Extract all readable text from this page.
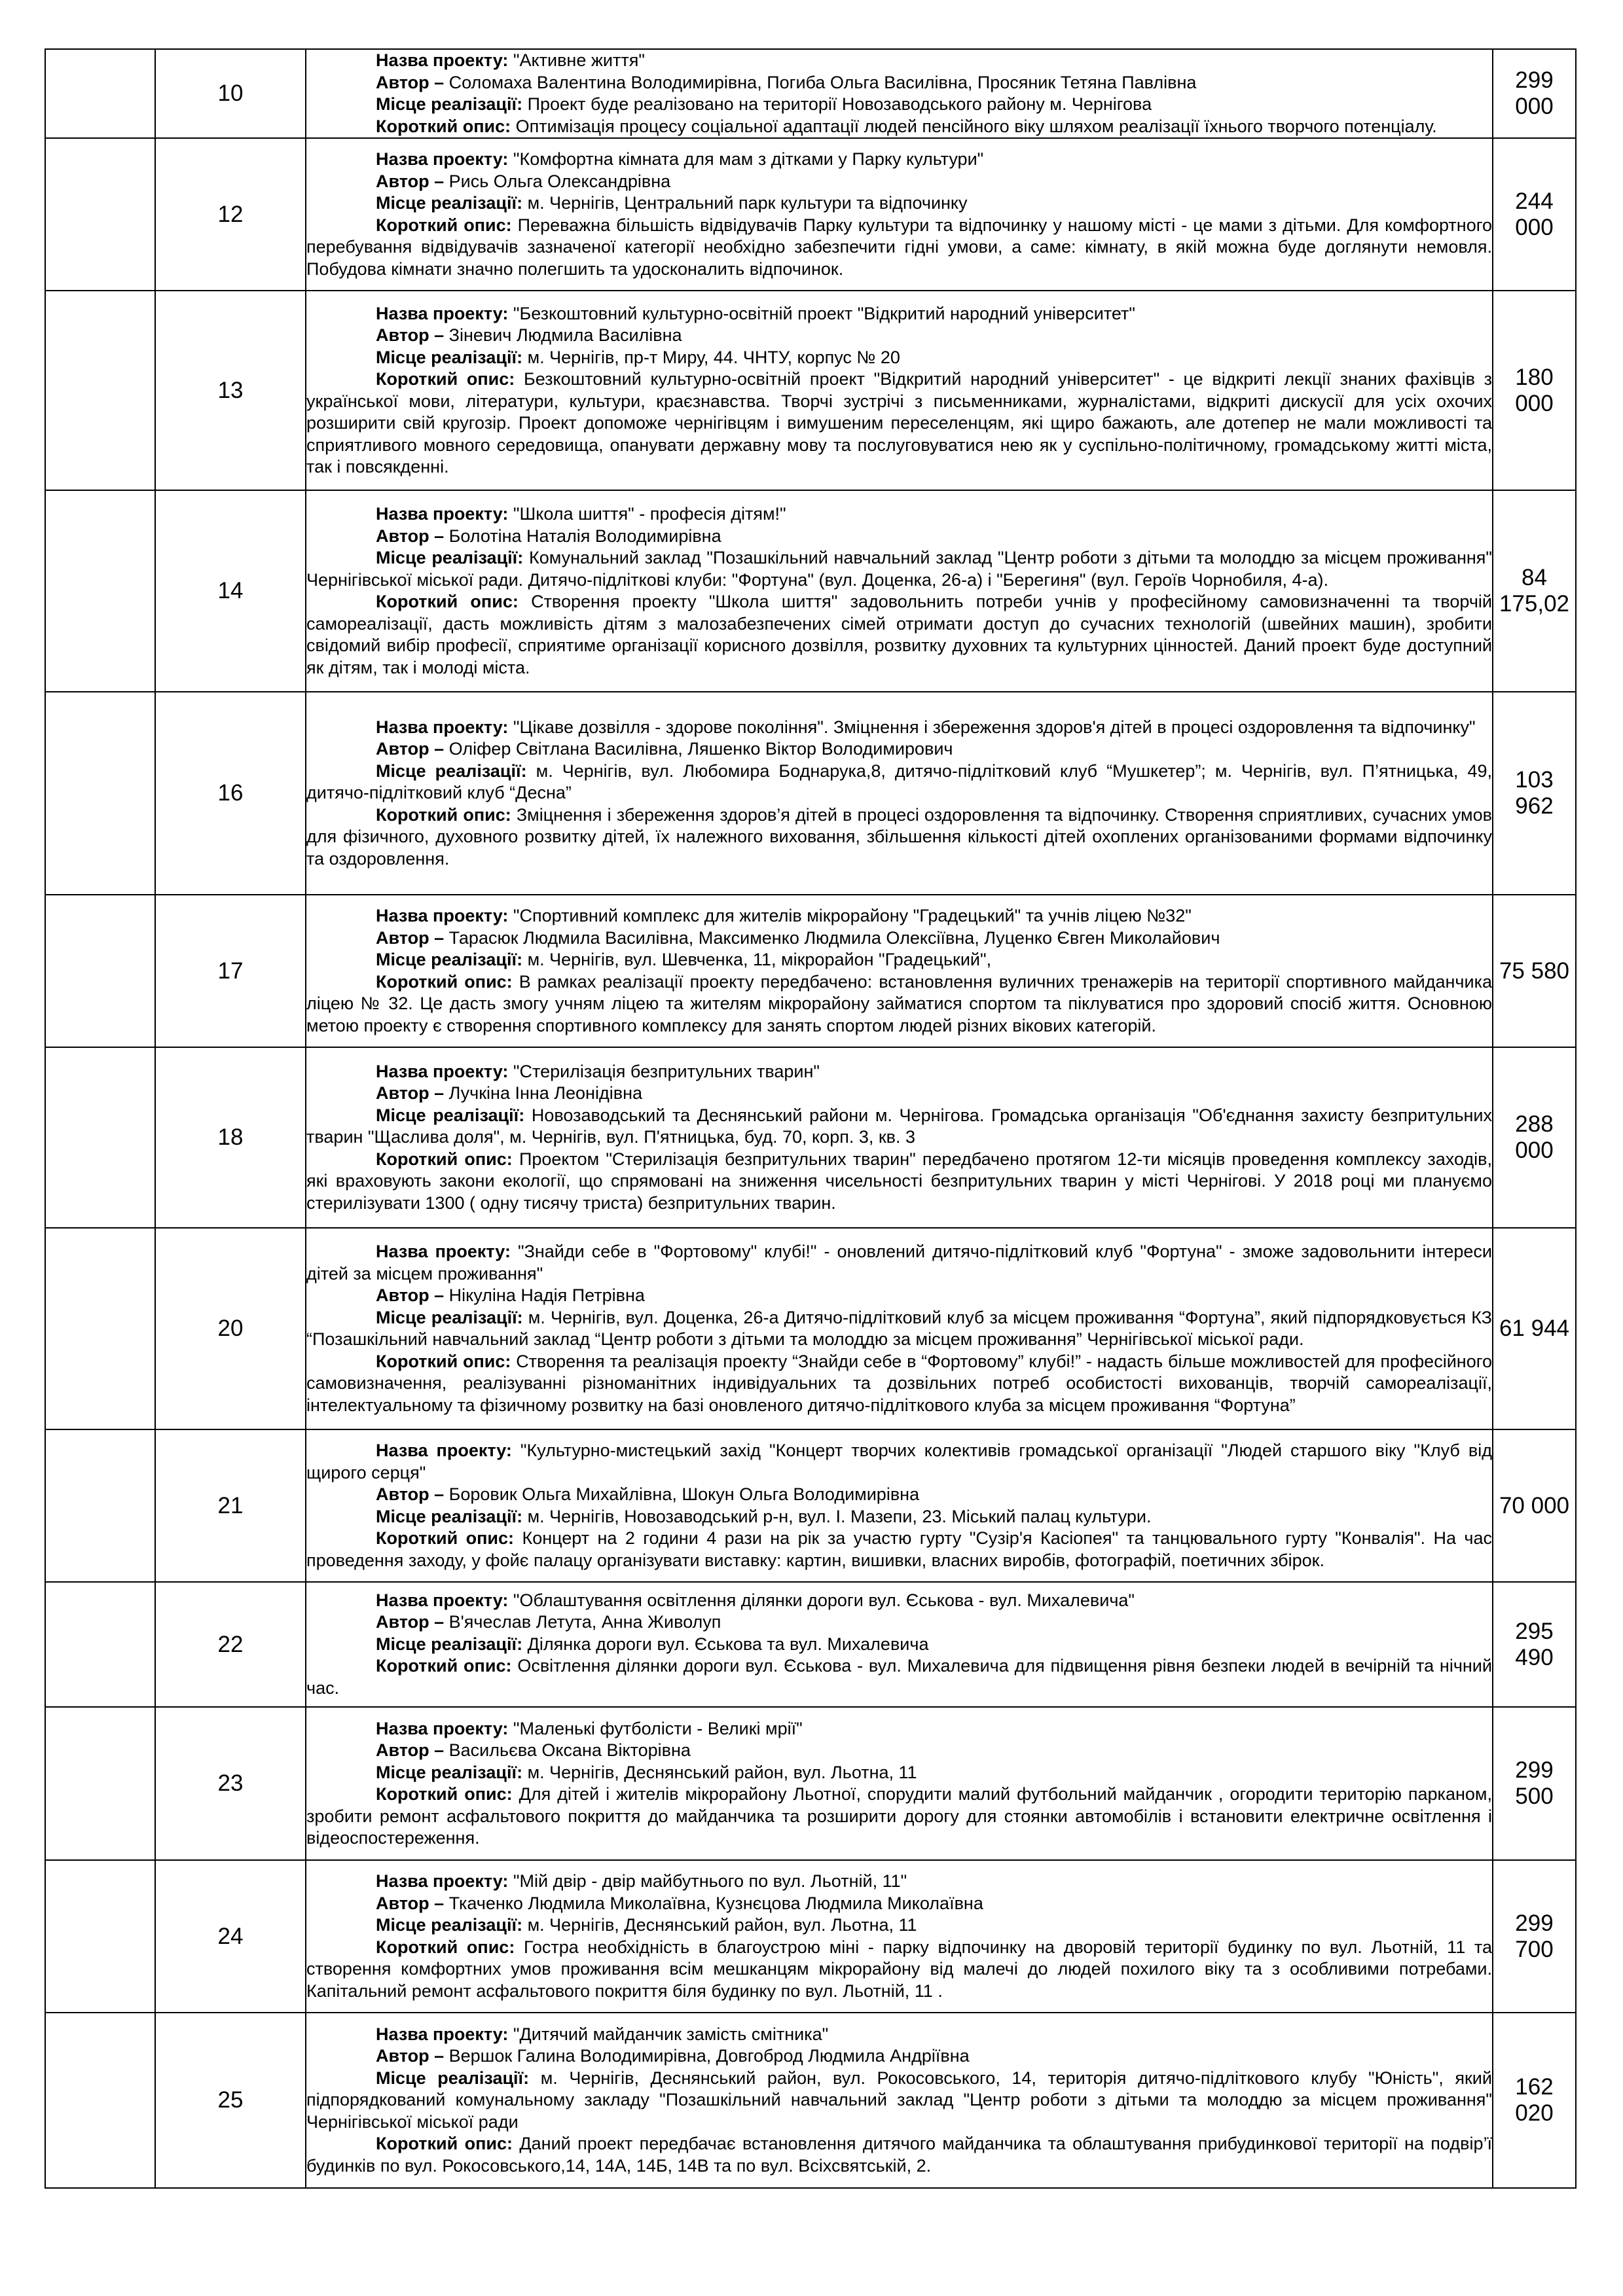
	10	Назва проекту: "Активне життя"
Автор – Соломаха Валентина Володимирівна, Погиба Ольга Василівна, Просяник Тетяна Павлівна
Місце реалізації: Проект буде реалізовано на території Новозаводського району м. Чернігова
Короткий опис: Оптимізація процесу соціальної адаптації людей пенсійного віку шляхом реалізації їхнього творчого потенціалу.	299 000
	12	Назва проекту: "Комфортна кімната для мам з дітками у Парку культури"
Автор – Рись Ольга Олександрівна
Місце реалізації: м. Чернігів, Центральний парк культури та відпочинку
Короткий опис: Переважна більшість відвідувачів Парку культури та відпочинку у нашому місті - це мами з дітьми. Для комфортного перебування відвідувачів зазначеної категорії необхідно забезпечити гідні умови, а саме: кімнату, в якій можна буде доглянути немовля. Побудова кімнати значно полегшить та удосконалить відпочинок.	244 000
	13	Назва проекту: "Безкоштовний культурно-освітній проект "Відкритий народний університет"
Автор – Зіневич Людмила Василівна
Місце реалізації: м. Чернігів, пр-т Миру, 44. ЧНТУ, корпус № 20
Короткий опис: Безкоштовний культурно-освітній проект "Відкритий народний університет" - це відкриті лекції знаних фахівців з української мови, літератури, культури, краєзнавства. Творчі зустрічі з письменниками, журналістами, відкриті дискусії для усіх охочих розширити свій кругозір. Проект допоможе чернігівцям і вимушеним переселенцям, які щиро бажають, але дотепер не мали можливості та сприятливого мовного середовища, опанувати державну мову та послуговуватися нею як у суспільно-політичному, громадському житті міста, так і повсякденні.	180 000
	14	Назва проекту: "Школа шиття" - професія дітям!"
Автор – Болотіна Наталія Володимирівна
Місце реалізації: Комунальний заклад "Позашкільний навчальний заклад "Центр роботи з дітьми та молоддю за місцем проживання" Чернігівської міської ради. Дитячо-підліткові клуби: "Фортуна" (вул. Доценка, 26-а) і "Берегиня" (вул. Героїв Чорнобиля, 4-а).
Короткий опис: Створення проекту "Школа шиття" задовольнить потреби учнів у професійному самовизначенні та творчій самореалізації, дасть можливість дітям з малозабезпечених сімей отримати доступ до сучасних технологій (швейних машин), зробити свідомий вибір професії, сприятиме організації корисного дозвілля, розвитку духовних та культурних цінностей. Даний проект буде доступний як дітям, так і молоді міста.	84 175,02
	16	Назва проекту: "Цікаве дозвілля - здорове покоління". Зміцнення і збереження здоров'я дітей в процесі оздоровлення та відпочинку"
Автор – Оліфер Світлана Василівна, Ляшенко Віктор Володимирович
Місце реалізації: м. Чернігів, вул. Любомира Боднарука,8, дитячо-підлітковий клуб “Мушкетер”; м. Чернігів, вул. П’ятницька, 49, дитячо-підлітковий клуб “Десна”
Короткий опис: Зміцнення і збереження здоров’я дітей в процесі оздоровлення та відпочинку. Створення сприятливих, сучасних умов для фізичного, духовного розвитку дітей, їх належного виховання, збільшення кількості дітей охоплених організованими формами відпочинку та оздоровлення.	103 962
	17	Назва проекту: "Спортивний комплекс для жителів мікрорайону "Градецький" та учнів ліцею №32"
Автор – Тарасюк Людмила Василівна, Максименко Людмила Олексіївна, Луценко Євген Миколайович
Місце реалізації: м. Чернігів, вул. Шевченка, 11, мікрорайон "Градецький",
Короткий опис: В рамках реалізації проекту передбачено: встановлення вуличних тренажерів на території спортивного майданчика ліцею № 32. Це дасть змогу учням ліцею та жителям мікрорайону займатися спортом та піклуватися про здоровий спосіб життя. Основною метою проекту є створення спортивного комплексу для занять спортом людей різних вікових категорій.	75 580
	18	Назва проекту: "Стерилізація безпритульних тварин"
Автор – Лучкіна Інна Леонідівна
Місце реалізації: Новозаводський та Деснянський райони м. Чернігова. Громадська організація "Об'єднання захисту безпритульних тварин "Щаслива доля", м. Чернігів, вул. П'ятницька, буд. 70, корп. 3, кв. 3
Короткий опис: Проектом "Стерилізація безпритульних тварин" передбачено протягом 12-ти місяців проведення комплексу заходів, які враховують закони екології, що спрямовані на зниження чисельності безпритульних тварин у місті Чернігові. У 2018 році ми плануємо стерилізувати 1300 ( одну тисячу триста) безпритульних тварин.	288 000
	20	Назва проекту: "Знайди себе в "Фортовому" клубі!" - оновлений дитячо-підлітковий клуб "Фортуна" - зможе задовольнити інтереси дітей за місцем проживання"
Автор – Нікуліна Надія Петрівна
Місце реалізації: м. Чернігів, вул. Доценка, 26-а Дитячо-підлітковий клуб за місцем проживання “Фортуна”, який підпорядковується КЗ “Позашкільний навчальний заклад “Центр роботи з дітьми та молоддю за місцем проживання” Чернігівської міської ради.
Короткий опис: Створення та реалізація проекту “Знайди себе в “Фортовому” клубі!” - надасть більше можливостей для професійного самовизначення, реалізуванні різноманітних індивідуальних та дозвільних потреб особистості вихованців, творчій самореалізації, інтелектуальному та фізичному розвитку на базі оновленого дитячо-підліткового клуба за місцем проживання “Фортуна”	61 944
	21	Назва проекту: "Культурно-мистецький захід "Концерт творчих колективів громадської організації "Людей старшого віку "Клуб від щирого серця"
Автор – Боровик Ольга Михайлівна, Шокун Ольга Володимирівна
Місце реалізації: м. Чернігів, Новозаводський р-н, вул. І. Мазепи, 23. Міський палац культури.
Короткий опис: Концерт на 2 години 4 рази на рік за участю гурту "Сузір'я Касіопея" та танцювального гурту "Конвалія". На час проведення заходу, у фойє палацу організувати виставку: картин, вишивки, власних виробів, фотографій, поетичних збірок.	70 000
	22	Назва проекту: "Облаштування освітлення ділянки дороги вул. Єськова - вул. Михалевича"
Автор – В'ячеслав Летута, Анна Живолуп
Місце реалізації: Ділянка дороги вул. Єськова та вул. Михалевича
Короткий опис: Освітлення ділянки дороги вул. Єськова - вул. Михалевича для підвищення рівня безпеки людей в вечірній та нічний час.	295 490
	23	Назва проекту: "Маленькі футболісти - Великі мрії"
Автор – Васильєва Оксана Вікторівна
Місце реалізації: м. Чернігів, Деснянський район, вул. Льотна, 11
Короткий опис: Для дітей і жителів мікрорайону Льотної, спорудити малий футбольний майданчик , огородити територію парканом, зробити ремонт асфальтового покриття до майданчика та розширити дорогу для стоянки автомобілів і встановити електричне освітлення і відеоспостереження.	299 500
	24	Назва проекту: "Мій двір - двір майбутнього по вул. Льотній, 11"
Автор – Ткаченко Людмила Миколаївна, Кузнєцова Людмила Миколаївна
Місце реалізації: м. Чернігів, Деснянський район, вул. Льотна, 11
Короткий опис: Гостра необхідність в благоустрою міні - парку відпочинку на дворовій території будинку по вул. Льотній, 11 та створення комфортних умов проживання всім мешканцям мікрорайону від малечі до людей похилого віку та з особливими потребами. Капітальний ремонт асфальтового покриття біля будинку по вул. Льотній, 11 .	299 700
	25	Назва проекту: "Дитячий майданчик замість смітника"
Автор – Вершок Галина Володимирівна, Довгоброд Людмила Андріївна
Місце реалізації: м. Чернігів, Деснянський район, вул. Рокосовського, 14, територія дитячо-підліткового клубу "Юність", який підпорядкований комунальному закладу "Позашкільний навчальний заклад "Центр роботи з дітьми та молоддю за місцем проживання" Чернігівської міської ради
Короткий опис: Даний проект передбачає встановлення дитячого майданчика та облаштування прибудинкової території на подвір’ї будинків по вул. Рокосовського,14, 14А, 14Б, 14В та по вул. Всіхсвятській, 2.	162 020
